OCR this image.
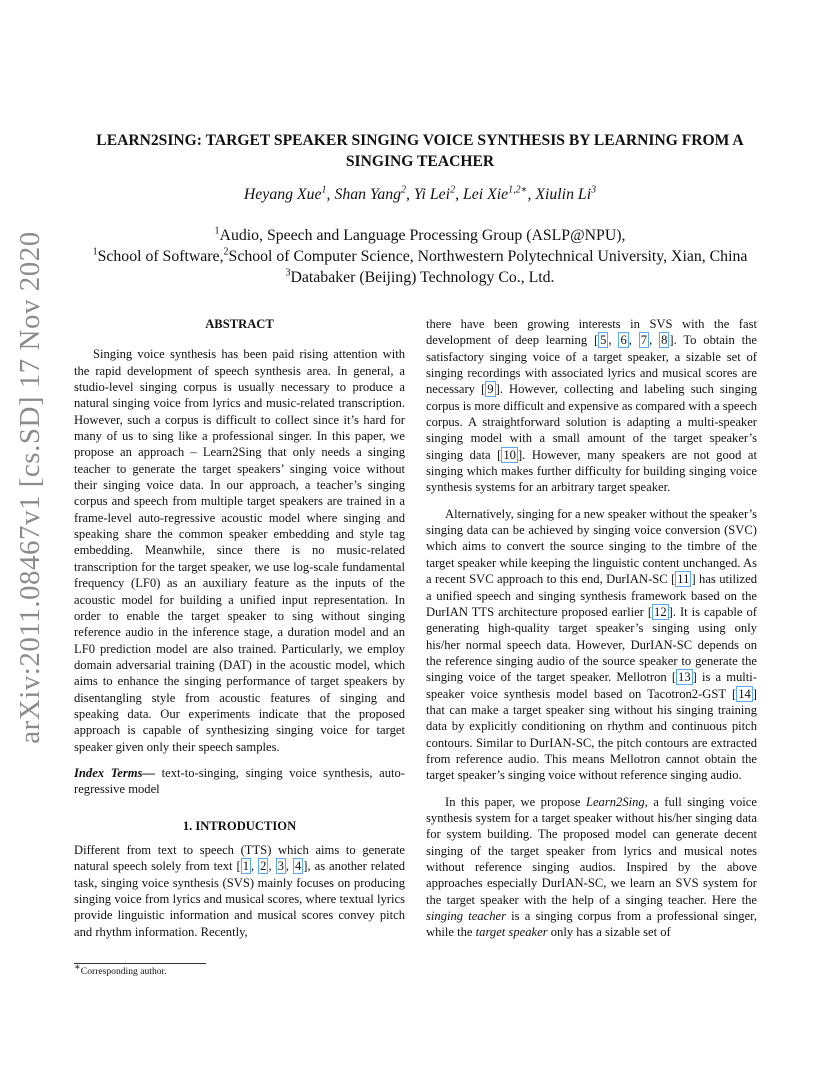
arXiv:2011.08467v1 [cs.SD] 17 Nov 2020
LEARN2SING: TARGET SPEAKER SINGING VOICE SYNTHESIS BY LEARNING FROM A SINGING TEACHER
Heyang Xue$^1$, Shan Yang$^2$, Yi Lei$^2$, Lei Xie$^{1,2∗}$, Xiulin Li$^3$
$^1$Audio, Speech and Language Processing Group (ASLP@NPU),
$^1$School of Software,$^2$School of Computer Science, Northwestern Polytechnical University, Xian, China
$^3$Databaker (Beijing) Technology Co., Ltd.
ABSTRACT

Singing voice synthesis has been paid rising attention with the rapid development of speech synthesis area. In general, a studio-level singing corpus is usually necessary to produce a natural singing voice from lyrics and music-related transcription. However, such a corpus is difficult to collect since it’s hard for many of us to sing like a professional singer. In this paper, we propose an approach – Learn2Sing that only needs a singing teacher to generate the target speakers’ singing voice without their singing voice data. In our approach, a teacher’s singing corpus and speech from multiple target speakers are trained in a frame-level auto-regressive acoustic model where singing and speaking share the common speaker embedding and style tag embedding. Meanwhile, since there is no music-related transcription for the target speaker, we use log-scale fundamental frequency (LF0) as an auxiliary feature as the inputs of the acoustic model for building a unified input representation. In order to enable the target speaker to sing without singing reference audio in the inference stage, a duration model and an LF0 prediction model are also trained. Particularly, we employ domain adversarial training (DAT) in the acoustic model, which aims to enhance the singing performance of target speakers by disentangling style from acoustic features of singing and speaking data. Our experiments indicate that the proposed approach is capable of synthesizing singing voice for target speaker given only their speech samples.

Index Terms— text-to-singing, singing voice synthesis, auto-regressive model

1. INTRODUCTION

Different from text to speech (TTS) which aims to generate natural speech solely from text [ 1 , 2 , 3 , 4 ], as another related task, singing voice synthesis (SVS) mainly focuses on producing singing voice from lyrics and musical scores, where textual lyrics provide linguistic information and musical scores convey pitch and rhythm information. Recently,

there have been growing interests in SVS with the fast development of deep learning [ 5 , 6 , 7 , 8 ]. To obtain the satisfactory singing voice of a target speaker, a sizable set of singing recordings with associated lyrics and musical scores are necessary [ 9 ]. However, collecting and labeling such singing corpus is more difficult and expensive as compared with a speech corpus. A straightforward solution is adapting a multi-speaker singing model with a small amount of the target speaker’s singing data [ 10 ]. However, many speakers are not good at singing which makes further difficulty for building singing voice synthesis systems for an arbitrary target speaker.

Alternatively, singing for a new speaker without the speaker’s singing data can be achieved by singing voice conversion (SVC) which aims to convert the source singing to the timbre of the target speaker while keeping the linguistic content unchanged. As a recent SVC approach to this end, DurIAN-SC [ 11 ] has utilized a unified speech and singing synthesis framework based on the DurIAN TTS architecture proposed earlier [ 12 ]. It is capable of generating high-quality target speaker’s singing using only his/her normal speech data. However, DurIAN-SC depends on the reference singing audio of the source speaker to generate the singing voice of the target speaker. Mellotron [ 13 ] is a multi-speaker voice synthesis model based on Tacotron2-GST [ 14 ] that can make a target speaker sing without his singing training data by explicitly conditioning on rhythm and continuous pitch contours. Similar to DurIAN-SC, the pitch contours are extracted from reference audio. This means Mellotron cannot obtain the target speaker’s singing voice without reference singing audio.

In this paper, we propose Learn2Sing, a full singing voice synthesis system for a target speaker without his/her singing data for system building. The proposed model can generate decent singing of the target speaker from lyrics and musical notes without reference singing audios. Inspired by the above approaches especially DurIAN-SC, we learn an SVS system for the target speaker with the help of a singing teacher. Here the singing teacher is a singing corpus from a professional singer, while the target speaker only has a sizable set of

∗Corresponding author.
